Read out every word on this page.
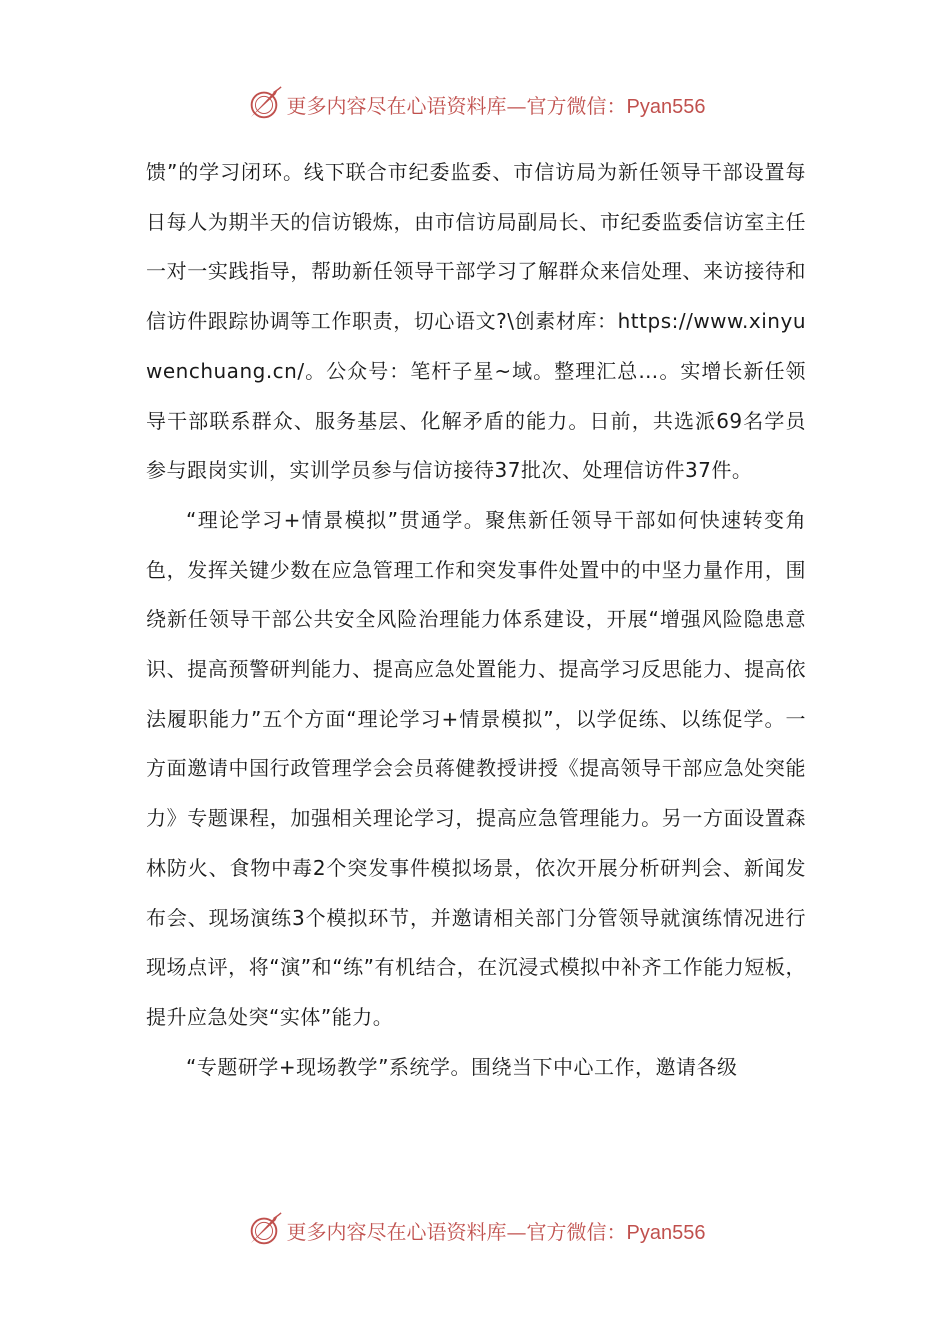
更多内容尽在心语资料库—官方微信：Pyan556

馈”的学习闭环。线下联合市纪委监委、市信访局为新任领导干部设置每日每人为期半天的信访锻炼，由市信访局副局长、市纪委监委信访室主任一对一实践指导，帮助新任领导干部学习了解群众来信处理、来访接待和信访件跟踪协调等工作职责，切心语文?\创素材库：https://www.xinyuwenchuang.cn/。公众号：笔杆子星~域。整理汇总…。实增长新任领导干部联系群众、服务基层、化解矛盾的能力。日前，共选派69名学员参与跟岗实训，实训学员参与信访接待37批次、处理信访件37件。

“理论学习+情景模拟”贯通学。聚焦新任领导干部如何快速转变角色，发挥关键少数在应急管理工作和突发事件处置中的中坚力量作用，围绕新任领导干部公共安全风险治理能力体系建设，开展“增强风险隐患意识、提高预警研判能力、提高应急处置能力、提高学习反思能力、提高依法履职能力”五个方面“理论学习+情景模拟”，以学促练、以练促学。一方面邀请中国行政管理学会会员蒋健教授讲授《提高领导干部应急处突能力》专题课程，加强相关理论学习，提高应急管理能力。另一方面设置森林防火、食物中毒2个突发事件模拟场景，依次开展分析研判会、新闻发布会、现场演练3个模拟环节，并邀请相关部门分管领导就演练情况进行现场点评，将“演”和“练”有机结合，在沉浸式模拟中补齐工作能力短板，提升应急处突“实体”能力。

“专题研学+现场教学”系统学。围绕当下中心工作，邀请各级

更多内容尽在心语资料库—官方微信：Pyan556
